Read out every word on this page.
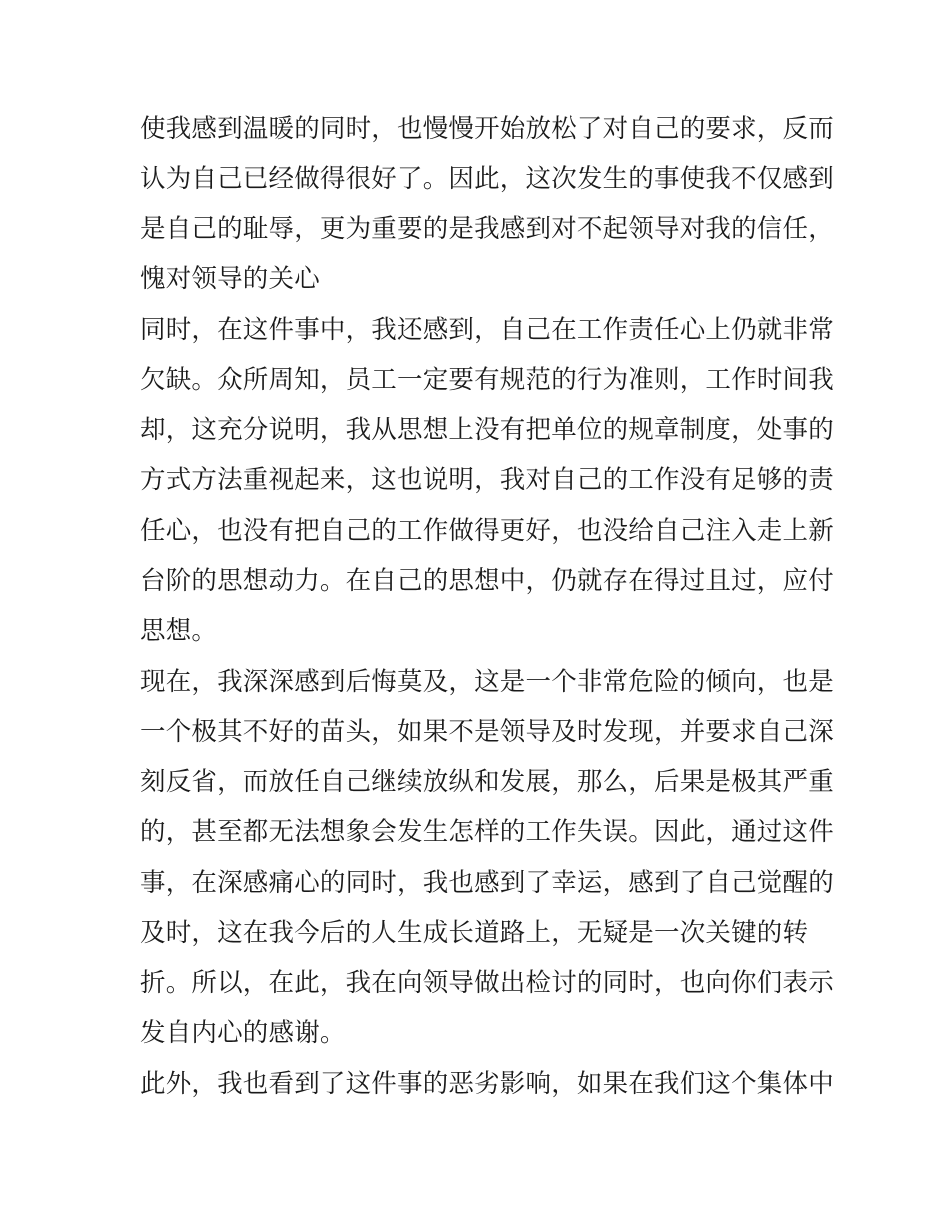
使我感到温暖的同时，也慢慢开始放松了对自己的要求，反而
认为自己已经做得很好了。因此，这次发生的事使我不仅感到
是自己的耻辱，更为重要的是我感到对不起领导对我的信任，
愧对领导的关心
同时，在这件事中，我还感到，自己在工作责任心上仍就非常
欠缺。众所周知，员工一定要有规范的行为准则，工作时间我
却，这充分说明，我从思想上没有把单位的规章制度，处事的
方式方法重视起来，这也说明，我对自己的工作没有足够的责
任心，也没有把自己的工作做得更好，也没给自己注入走上新
台阶的思想动力。在自己的思想中，仍就存在得过且过，应付
思想。
现在，我深深感到后悔莫及，这是一个非常危险的倾向，也是
一个极其不好的苗头，如果不是领导及时发现，并要求自己深
刻反省，而放任自己继续放纵和发展，那么，后果是极其严重
的，甚至都无法想象会发生怎样的工作失误。因此，通过这件
事，在深感痛心的同时，我也感到了幸运，感到了自己觉醒的
及时，这在我今后的人生成长道路上，无疑是一次关键的转
折。所以，在此，我在向领导做出检讨的同时，也向你们表示
发自内心的感谢。
此外，我也看到了这件事的恶劣影响，如果在我们这个集体中
